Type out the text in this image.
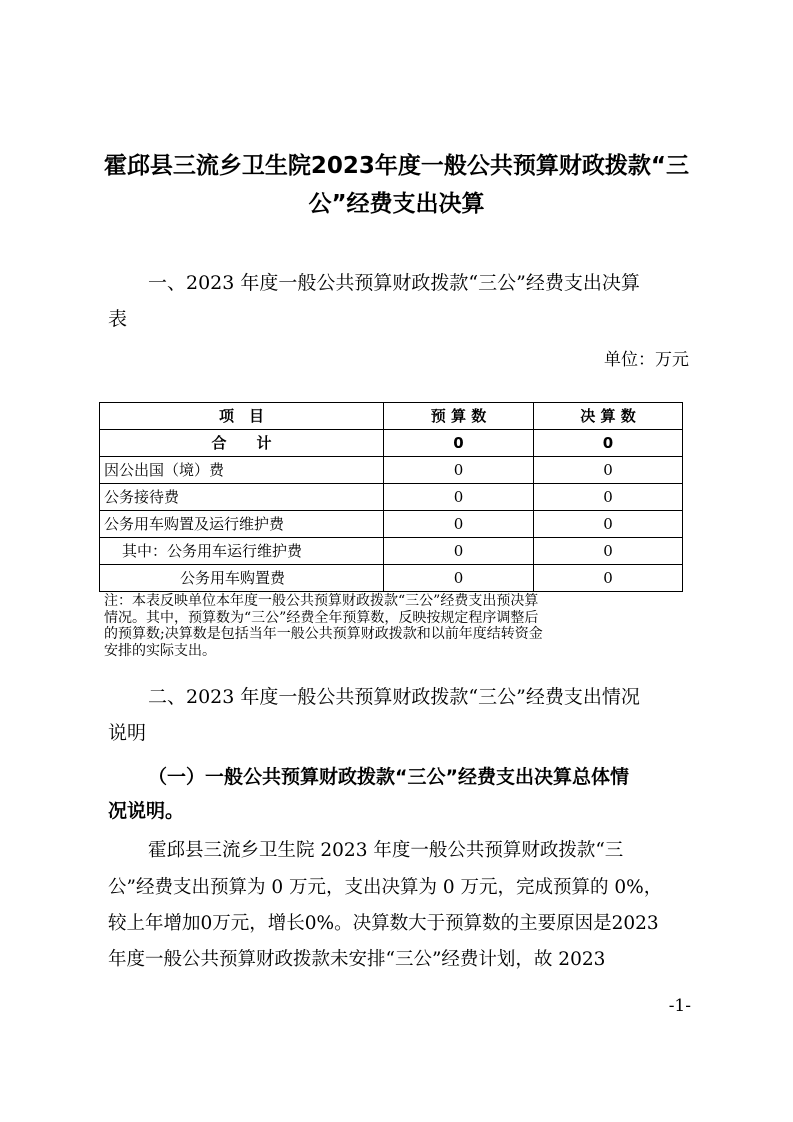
霍邱县三流乡卫生院2023年度一般公共预算财政拨款“三
公”经费支出决算
一、2023 年度一般公共预算财政拨款“三公”经费支出决算
表
单位：万元
项　目	预 算 数	决 算 数
合　　计	0	0
因公出国（境）费	0	0
公务接待费	0	0
公务用车购置及运行维护费	0	0
其中：公务用车运行维护费	0	0
公务用车购置费	0	0
注：本表反映单位本年度一般公共预算财政拨款“三公”经费支出预决算
情况。其中，预算数为“三公”经费全年预算数，反映按规定程序调整后
的预算数;决算数是包括当年一般公共预算财政拨款和以前年度结转资金
安排的实际支出。
二、2023 年度一般公共预算财政拨款“三公”经费支出情况
说明
（一）一般公共预算财政拨款“三公”经费支出决算总体情
况说明。
霍邱县三流乡卫生院 2023 年度一般公共预算财政拨款“三
公”经费支出预算为 0 万元，支出决算为 0 万元，完成预算的 0%，
较上年增加0万元，增长0%。决算数大于预算数的主要原因是2023
年度一般公共预算财政拨款未安排“三公”经费计划，故 2023
-1-
